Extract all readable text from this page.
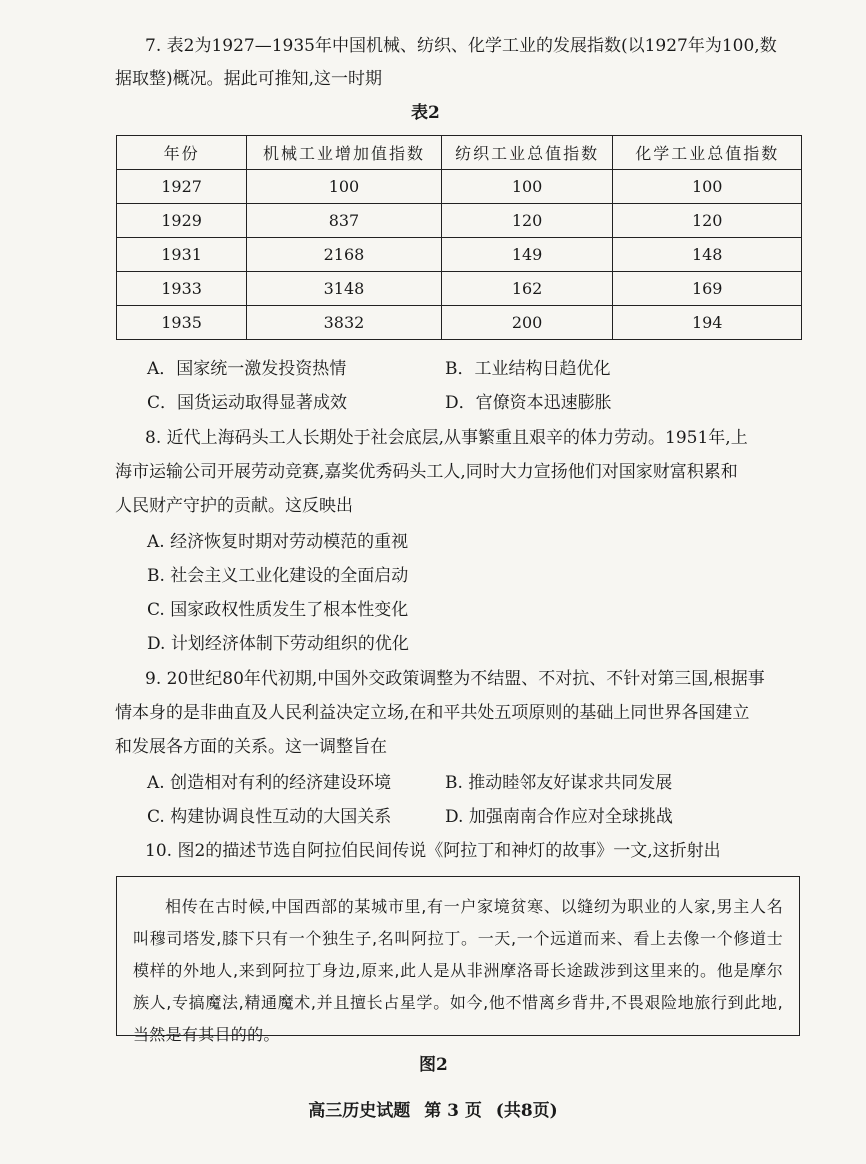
7. 表2为1927—1935年中国机械、纺织、化学工业的发展指数(以1927年为100,数
据取整)概况。据此可推知,这一时期
表2
年份	机械工业增加值指数	纺织工业总值指数	化学工业总值指数
1927	100	100	100
1929	837	120	120
1931	2168	149	148
1933	3148	162	169
1935	3832	200	194
A．国家统一激发投资热情	B．工业结构日趋优化
C．国货运动取得显著成效	D．官僚资本迅速膨胀
8. 近代上海码头工人长期处于社会底层,从事繁重且艰辛的体力劳动。1951年,上
海市运输公司开展劳动竞赛,嘉奖优秀码头工人,同时大力宣扬他们对国家财富积累和
人民财产守护的贡献。这反映出
A. 经济恢复时期对劳动模范的重视
B. 社会主义工业化建设的全面启动
C. 国家政权性质发生了根本性变化
D. 计划经济体制下劳动组织的优化
9. 20世纪80年代初期,中国外交政策调整为不结盟、不对抗、不针对第三国,根据事
情本身的是非曲直及人民利益决定立场,在和平共处五项原则的基础上同世界各国建立
和发展各方面的关系。这一调整旨在
A. 创造相对有利的经济建设环境	B. 推动睦邻友好谋求共同发展
C. 构建协调良性互动的大国关系	D. 加强南南合作应对全球挑战
10. 图2的描述节选自阿拉伯民间传说《阿拉丁和神灯的故事》一文,这折射出

相传在古时候,中国西部的某城市里,有一户家境贫寒、以缝纫为职业的人家,男主人名叫穆司塔发,膝下只有一个独生子,名叫阿拉丁。一天,一个远道而来、看上去像一个修道士模样的外地人,来到阿拉丁身边,原来,此人是从非洲摩洛哥长途跋涉到这里来的。他是摩尔族人,专搞魔法,精通魔术,并且擅长占星学。如今,他不惜离乡背井,不畏艰险地旅行到此地,当然是有其目的的。

图2
高三历史试题 第 3 页 (共8页)
